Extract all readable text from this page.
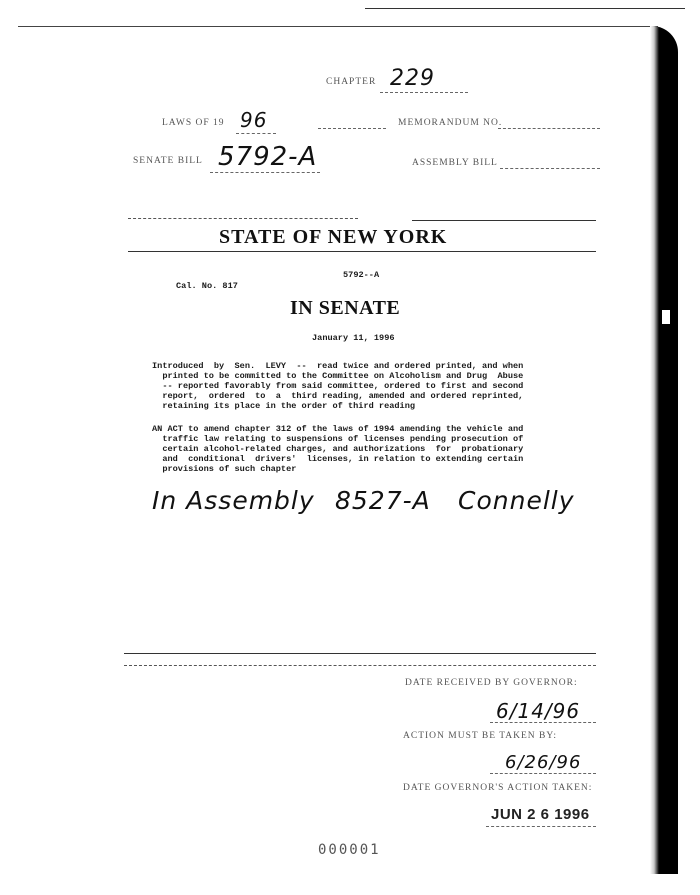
CHAPTER 229
LAWS OF 19 96	MEMORANDUM NO.
SENATE BILL 5792-A	ASSEMBLY BILL
STATE OF NEW YORK
5792--A
Cal. No. 817
IN SENATE
January 11, 1996
Introduced  by  Sen.  LEVY  --  read twice and ordered printed, and when
printed to be committed to the Committee on Alcoholism and Drug  Abuse
-- reported favorably from said committee, ordered to first and second
report,  ordered  to  a  third reading, amended and ordered reprinted,
retaining its place in the order of third reading
AN ACT to amend chapter 312 of the laws of 1994 amending the vehicle and
traffic law relating to suspensions of licenses pending prosecution of
certain alcohol-related charges, and authorizations  for  probationary
and  conditional  drivers'  licenses, in relation to extending certain
provisions of such chapter
In Assembly 8527-A Connelly
DATE RECEIVED BY GOVERNOR:
6/14/96
ACTION MUST BE TAKEN BY:
6/26/96
DATE GOVERNOR'S ACTION TAKEN:
JUN 2 6 1996
000001
